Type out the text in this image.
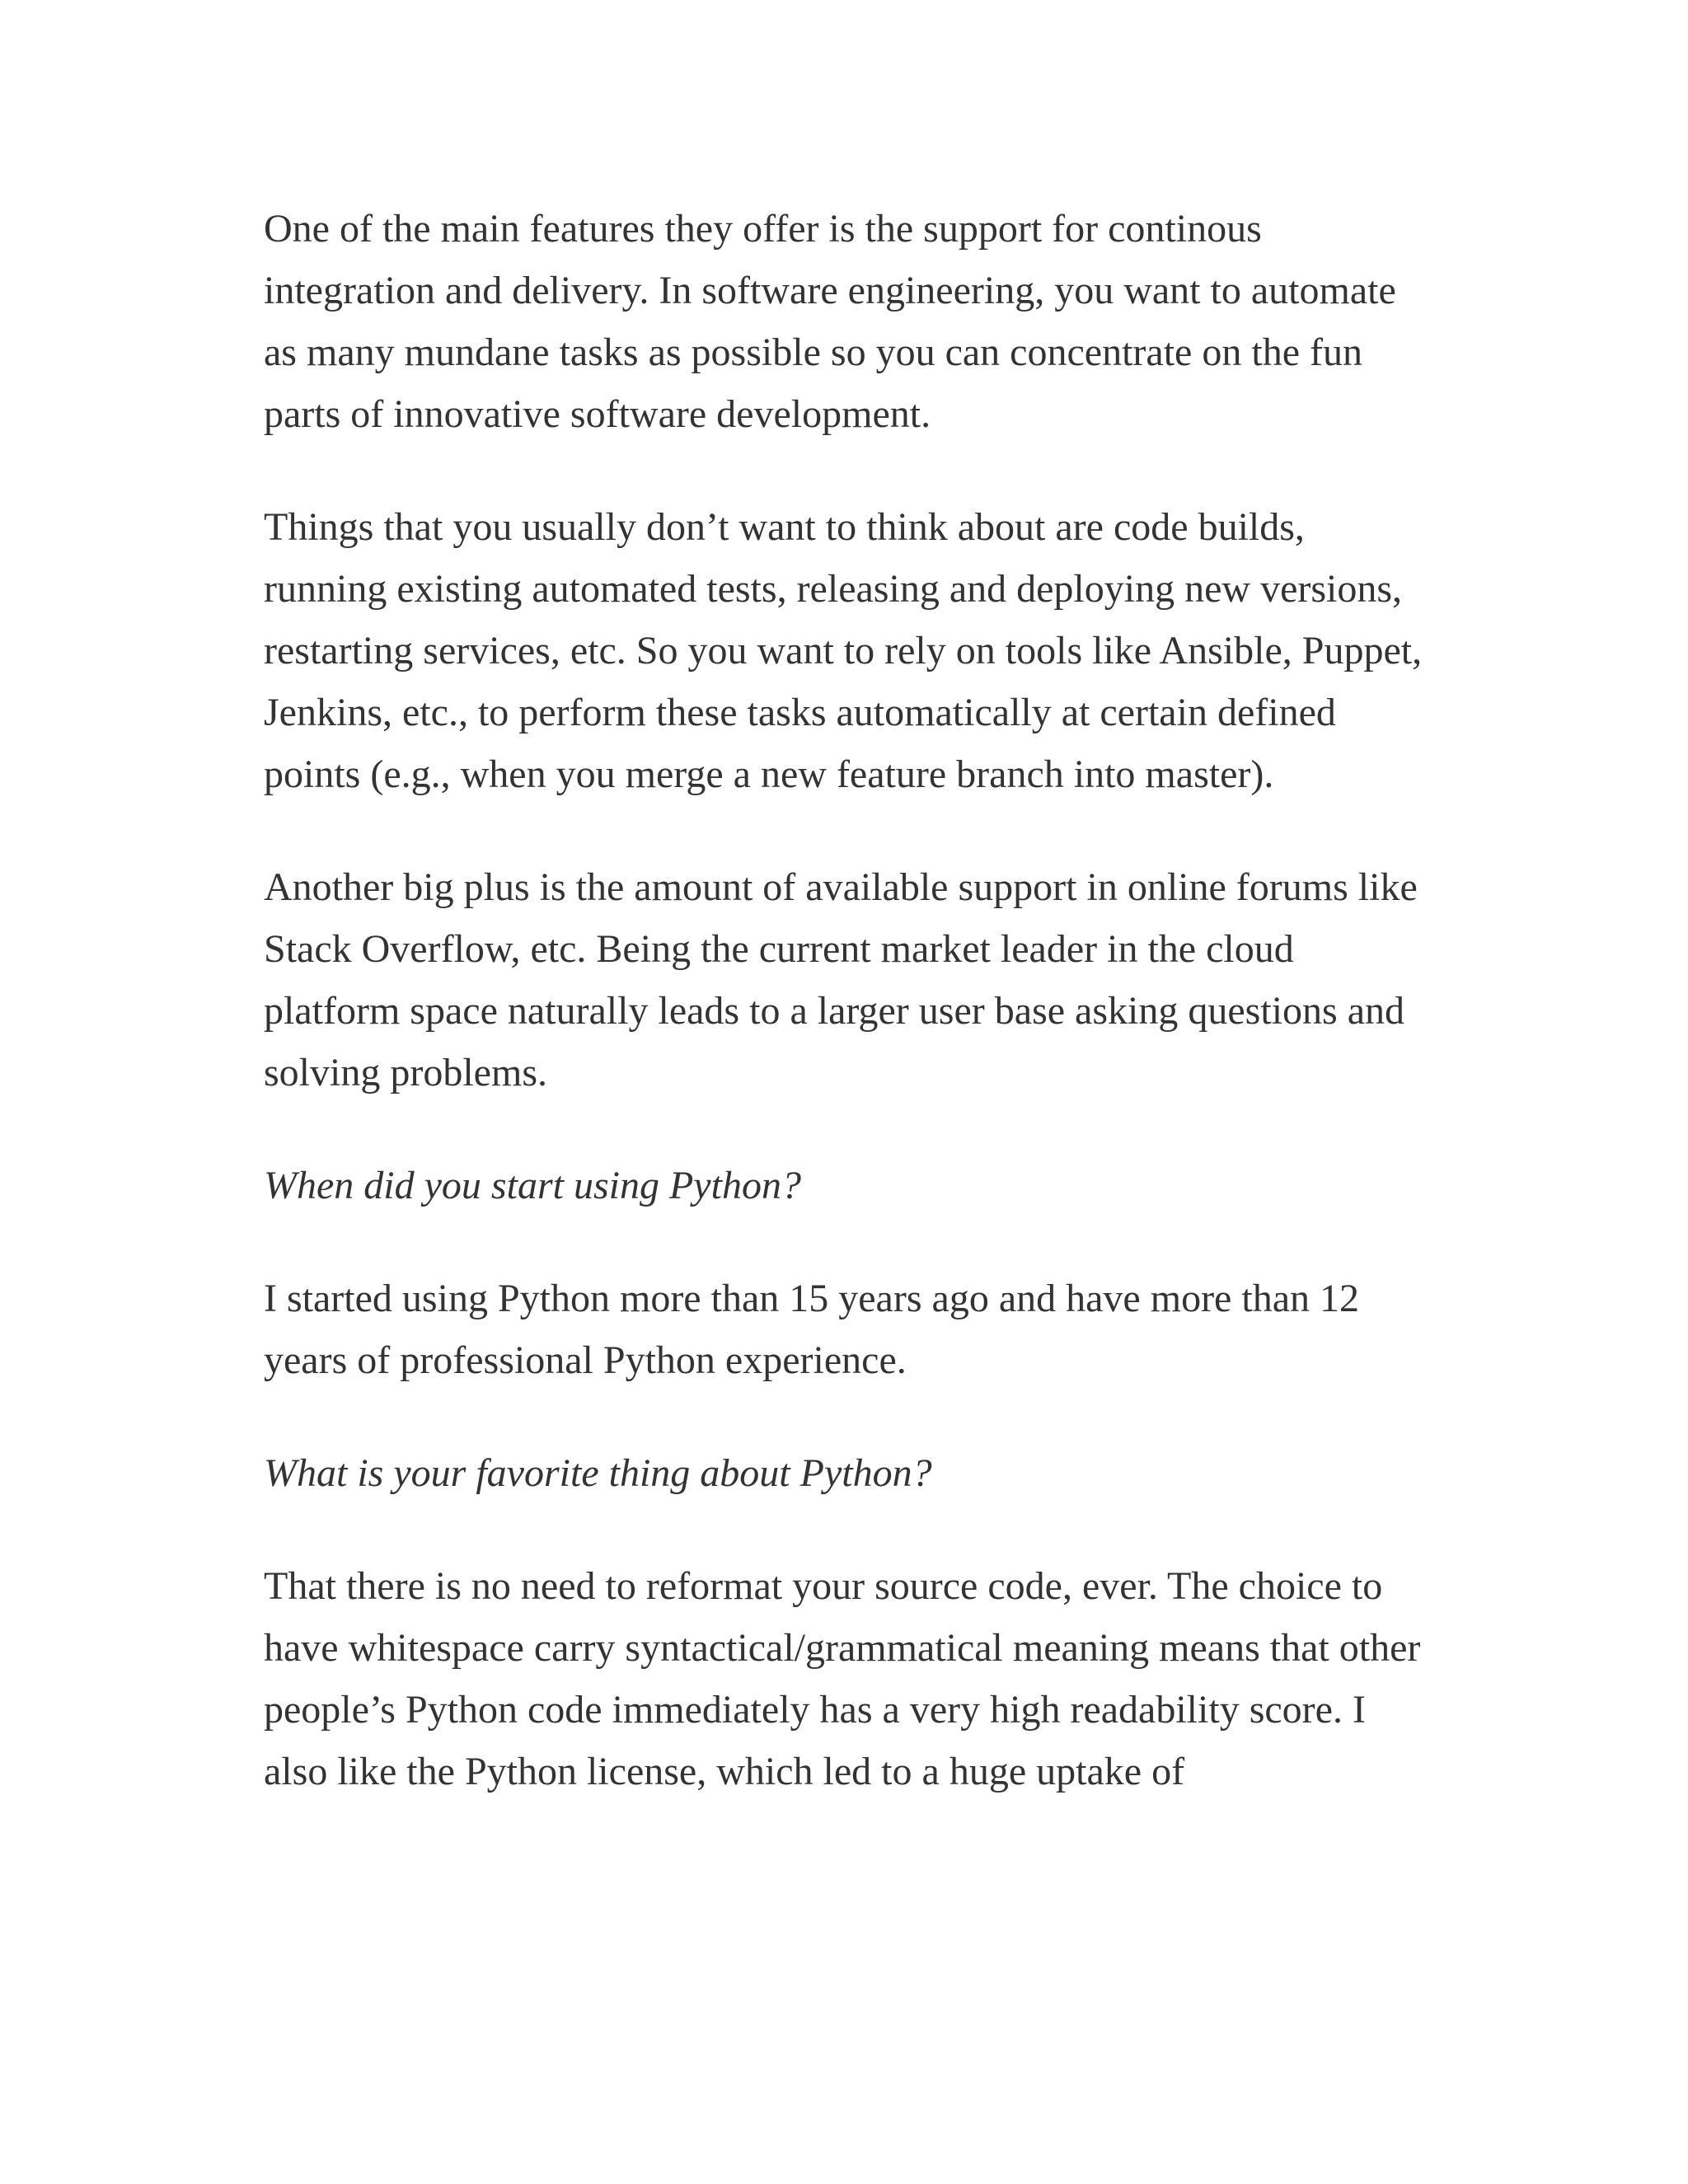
One of the main features they offer is the support for continous integration and delivery. In software engineering, you want to automate as many mundane tasks as possible so you can concentrate on the fun parts of innovative software development.

Things that you usually don’t want to think about are code builds, running existing automated tests, releasing and deploying new versions, restarting services, etc. So you want to rely on tools like Ansible, Puppet, Jenkins, etc., to perform these tasks automatically at certain defined points (e.g., when you merge a new feature branch into master).

Another big plus is the amount of available support in online forums like Stack Overflow, etc. Being the current market leader in the cloud platform space naturally leads to a larger user base asking questions and solving problems.

When did you start using Python?

I started using Python more than 15 years ago and have more than 12 years of professional Python experience.

What is your favorite thing about Python?

That there is no need to reformat your source code, ever. The choice to have whitespace carry syntactical/grammatical meaning means that other people’s Python code immediately has a very high readability score. I also like the Python license, which led to a huge uptake of
